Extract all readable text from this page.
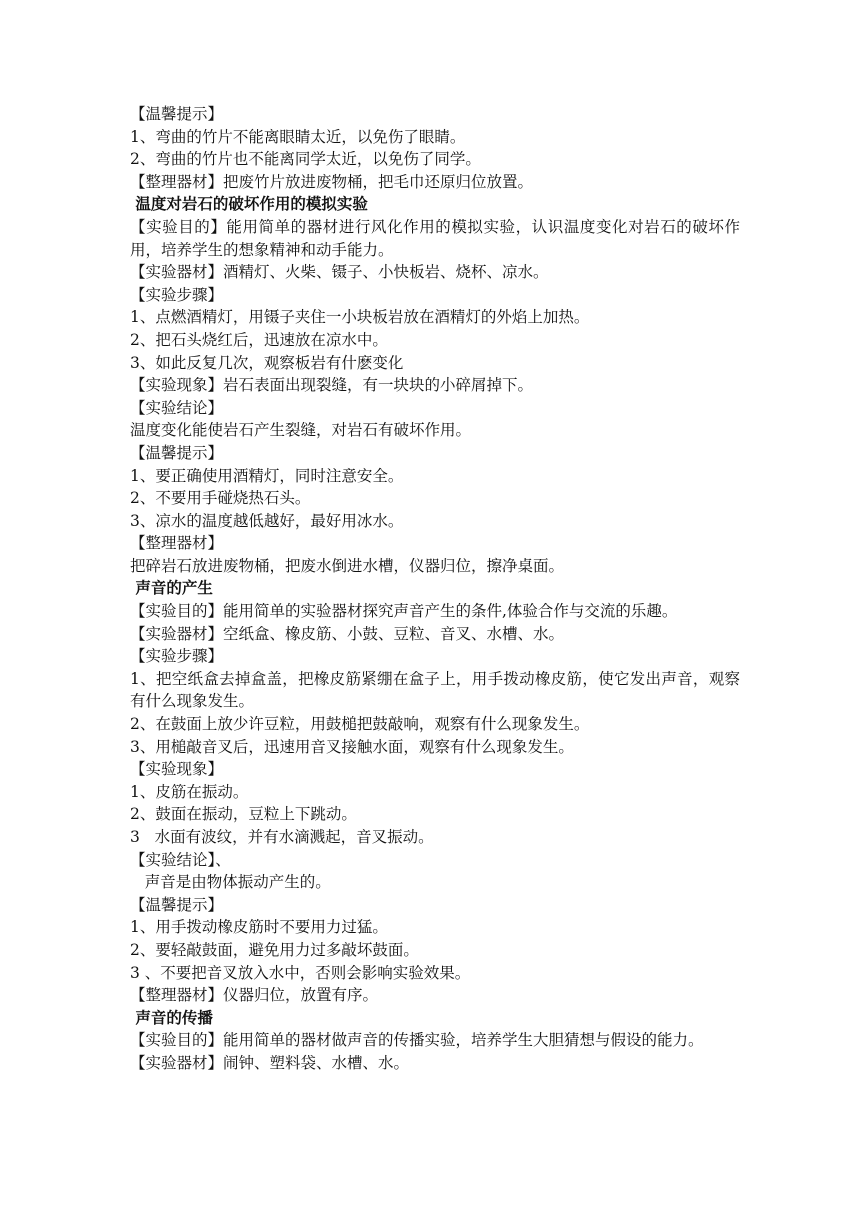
【温馨提示】
1、弯曲的竹片不能离眼睛太近，以免伤了眼睛。
2、弯曲的竹片也不能离同学太近，以免伤了同学。
【整理器材】把废竹片放进废物桶，把毛巾还原归位放置。
温度对岩石的破坏作用的模拟实验
【实验目的】能用简单的器材进行风化作用的模拟实验，认识温度变化对岩石的破坏作用，培养学生的想象精神和动手能力。
【实验器材】酒精灯、火柴、镊子、小快板岩、烧杯、凉水。
【实验步骤】
1、点燃酒精灯，用镊子夹住一小块板岩放在酒精灯的外焰上加热。
2、把石头烧红后，迅速放在凉水中。
3、如此反复几次，观察板岩有什麽变化
【实验现象】岩石表面出现裂缝，有一块块的小碎屑掉下。
【实验结论】
温度变化能使岩石产生裂缝，对岩石有破坏作用。
【温馨提示】
1、要正确使用酒精灯，同时注意安全。
2、不要用手碰烧热石头。
3、凉水的温度越低越好，最好用冰水。
【整理器材】
把碎岩石放进废物桶，把废水倒进水槽，仪器归位，擦净桌面。
声音的产生
【实验目的】能用简单的实验器材探究声音产生的条件,体验合作与交流的乐趣。
【实验器材】空纸盒、橡皮筋、小鼓、豆粒、音叉、水槽、水。
【实验步骤】
1、把空纸盒去掉盒盖，把橡皮筋紧绷在盒子上，用手拨动橡皮筋，使它发出声音，观察有什么现象发生。
2、在鼓面上放少许豆粒，用鼓槌把鼓敲响，观察有什么现象发生。
3、用槌敲音叉后，迅速用音叉接触水面，观察有什么现象发生。
【实验现象】
1、皮筋在振动。
2、鼓面在振动，豆粒上下跳动。
3   水面有波纹，并有水滴溅起，音叉振动。
【实验结论】、
声音是由物体振动产生的。
【温馨提示】
1、用手拨动橡皮筋时不要用力过猛。
2、要轻敲鼓面，避免用力过多敲坏鼓面。
3 、不要把音叉放入水中，否则会影响实验效果。
【整理器材】仪器归位，放置有序。
声音的传播
【实验目的】能用简单的器材做声音的传播实验，培养学生大胆猜想与假设的能力。
【实验器材】闹钟、塑料袋、水槽、水。
